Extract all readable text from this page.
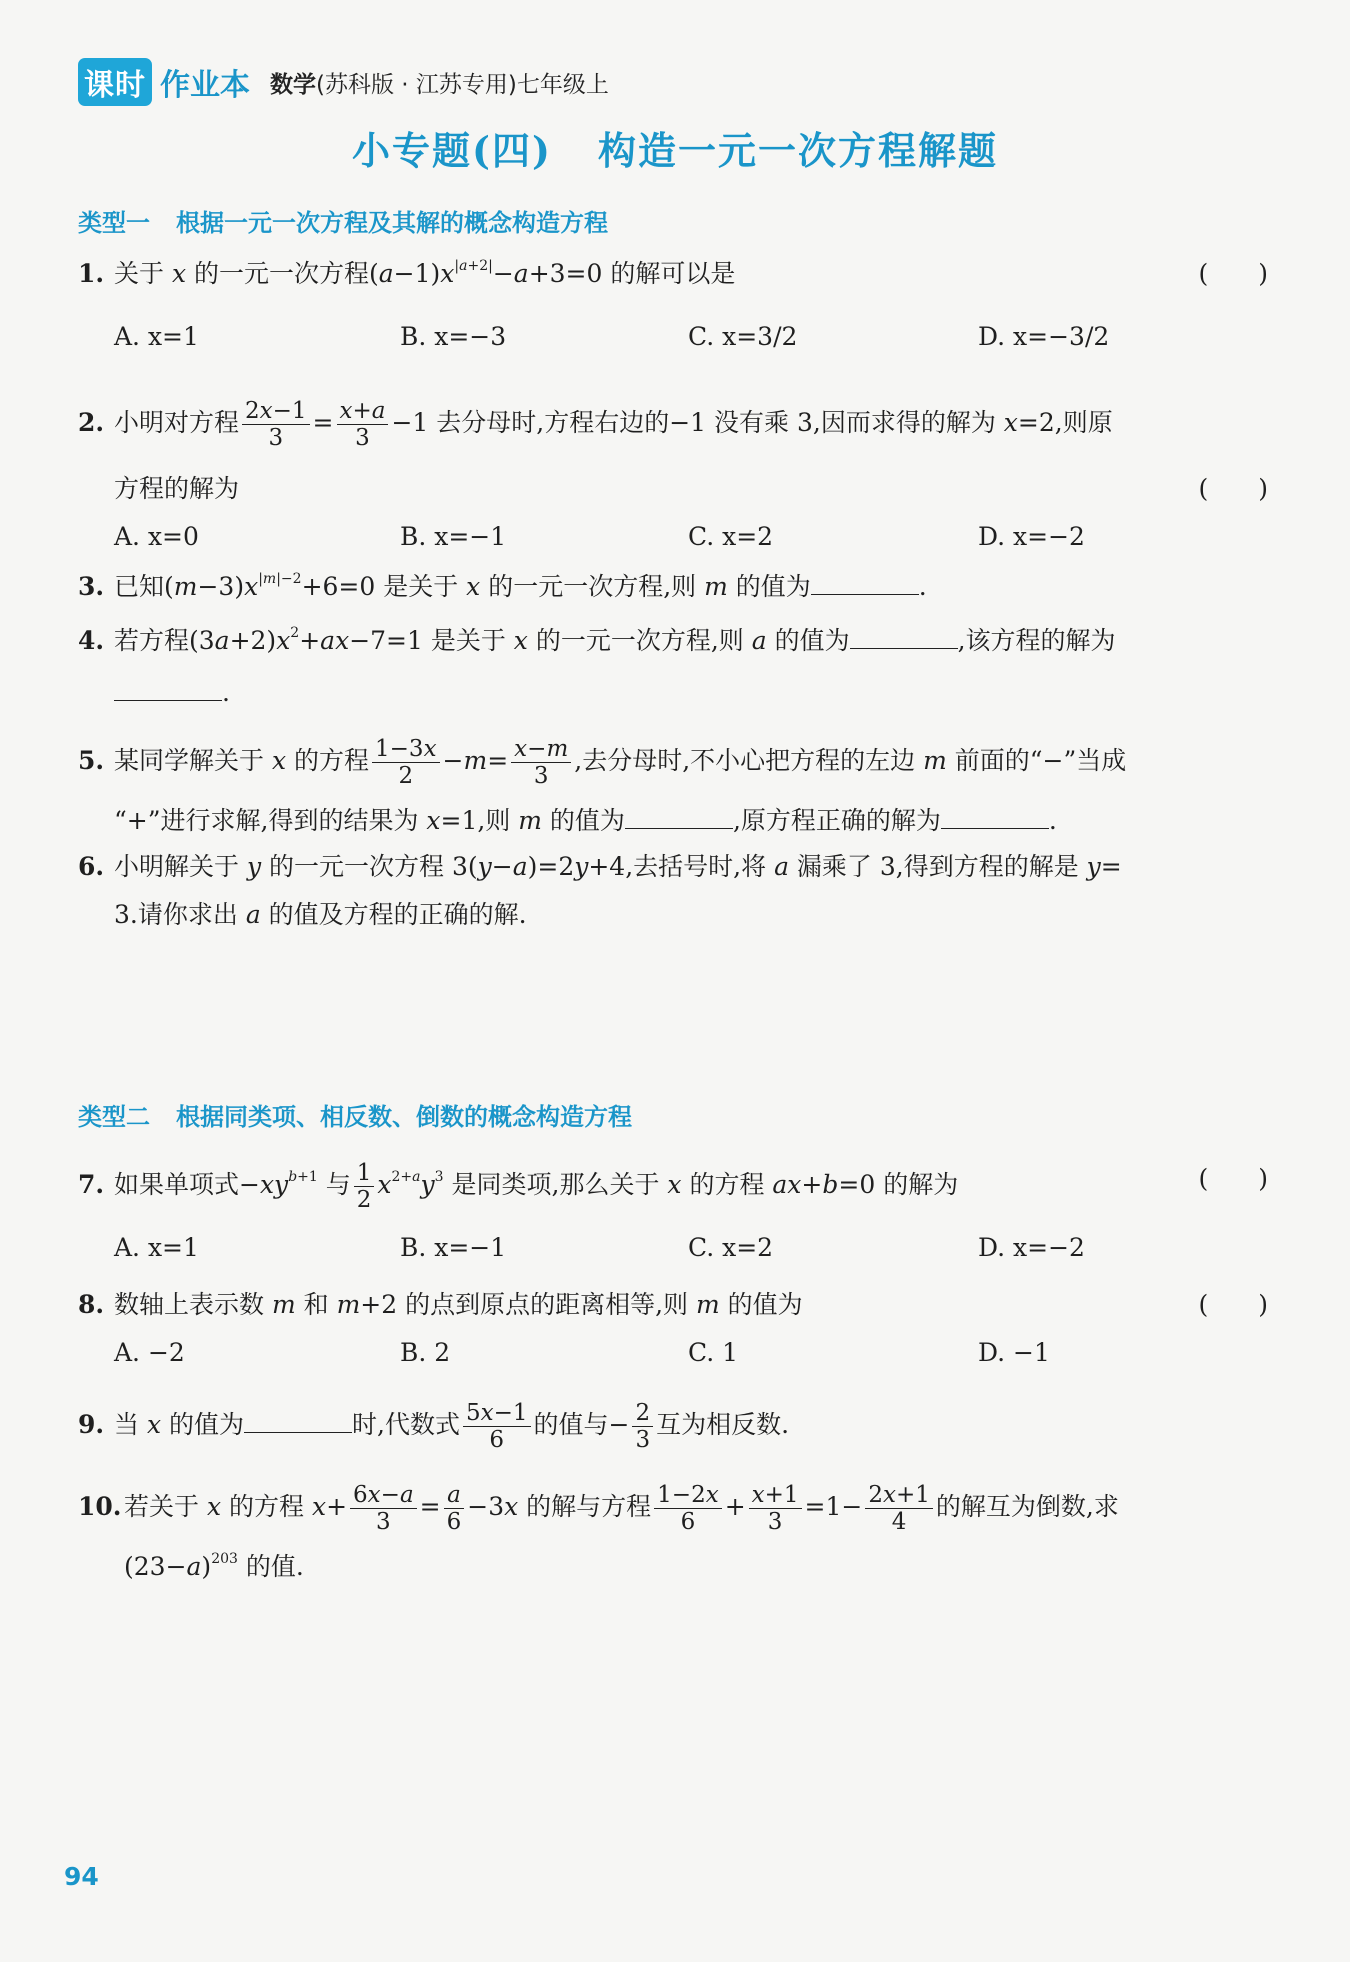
课时 作业本 数学(苏科版 · 江苏专用)七年级上
小专题(四) 构造一元一次方程解题
类型一 根据一元一次方程及其解的概念构造方程
1. 关于 x 的一元一次方程$(a-1)x^{|a+2|}-a+3=0$ 的解可以是	(　　)
A. x=1	B. x=−3	C. x=3/2	D. x=−3/2
2. 小明对方程 $\frac{2x-1}{3} = \frac{x+a}{3} -1$ 去分母时,方程右边的−1 没有乘 3,因而求得的解为 x=2,则原
方程的解为	(　　)
A. x=0	B. x=−1	C. x=2	D. x=−2
3. 已知$(m-3)x^{|m|-2}+6=0$ 是关于 x 的一元一次方程,则 m 的值为	.
4. 若方程$(3a+2)x^2+ax-7=1$ 是关于 x 的一元一次方程,则 a 的值为	,该方程的解为
.
5. 某同学解关于 x 的方程 $\frac{1-3x}{2} -m= \frac{x-m}{3}$ ,去分母时,不小心把方程的左边 m 前面的“−”当成
“+”进行求解,得到的结果为 x=1,则 m 的值为	,原方程正确的解为	.
6. 小明解关于 y 的一元一次方程 3(y−a)=2y+4,去括号时,将 a 漏乘了 3,得到方程的解是 y=
3.请你求出 a 的值及方程的正确的解.
类型二 根据同类项、相反数、倒数的概念构造方程
7. 如果单项式$-xy^{b+1}$ 与 $\frac{1}{2} x^{2+a}y^3$ 是同类项,那么关于 x 的方程 ax+b=0 的解为	(　　)
A. x=1	B. x=−1	C. x=2	D. x=−2
8. 数轴上表示数 m 和 m+2 的点到原点的距离相等,则 m 的值为	(　　)
A. −2	B. 2	C. 1	D. −1
9. 当 x 的值为	时,代数式 $\frac{5x-1}{6}$ 的值与− $\frac{2}{3}$ 互为相反数.
10. 若关于 x 的方程 $x+ \frac{6x-a}{3} = \frac{a}{6} -3x$ 的解与方程 $\frac{1-2x}{6} + \frac{x+1}{3} =1- \frac{2x+1}{4}$ 的解互为倒数,求
$(23-a)^{203}$ 的值.
94
